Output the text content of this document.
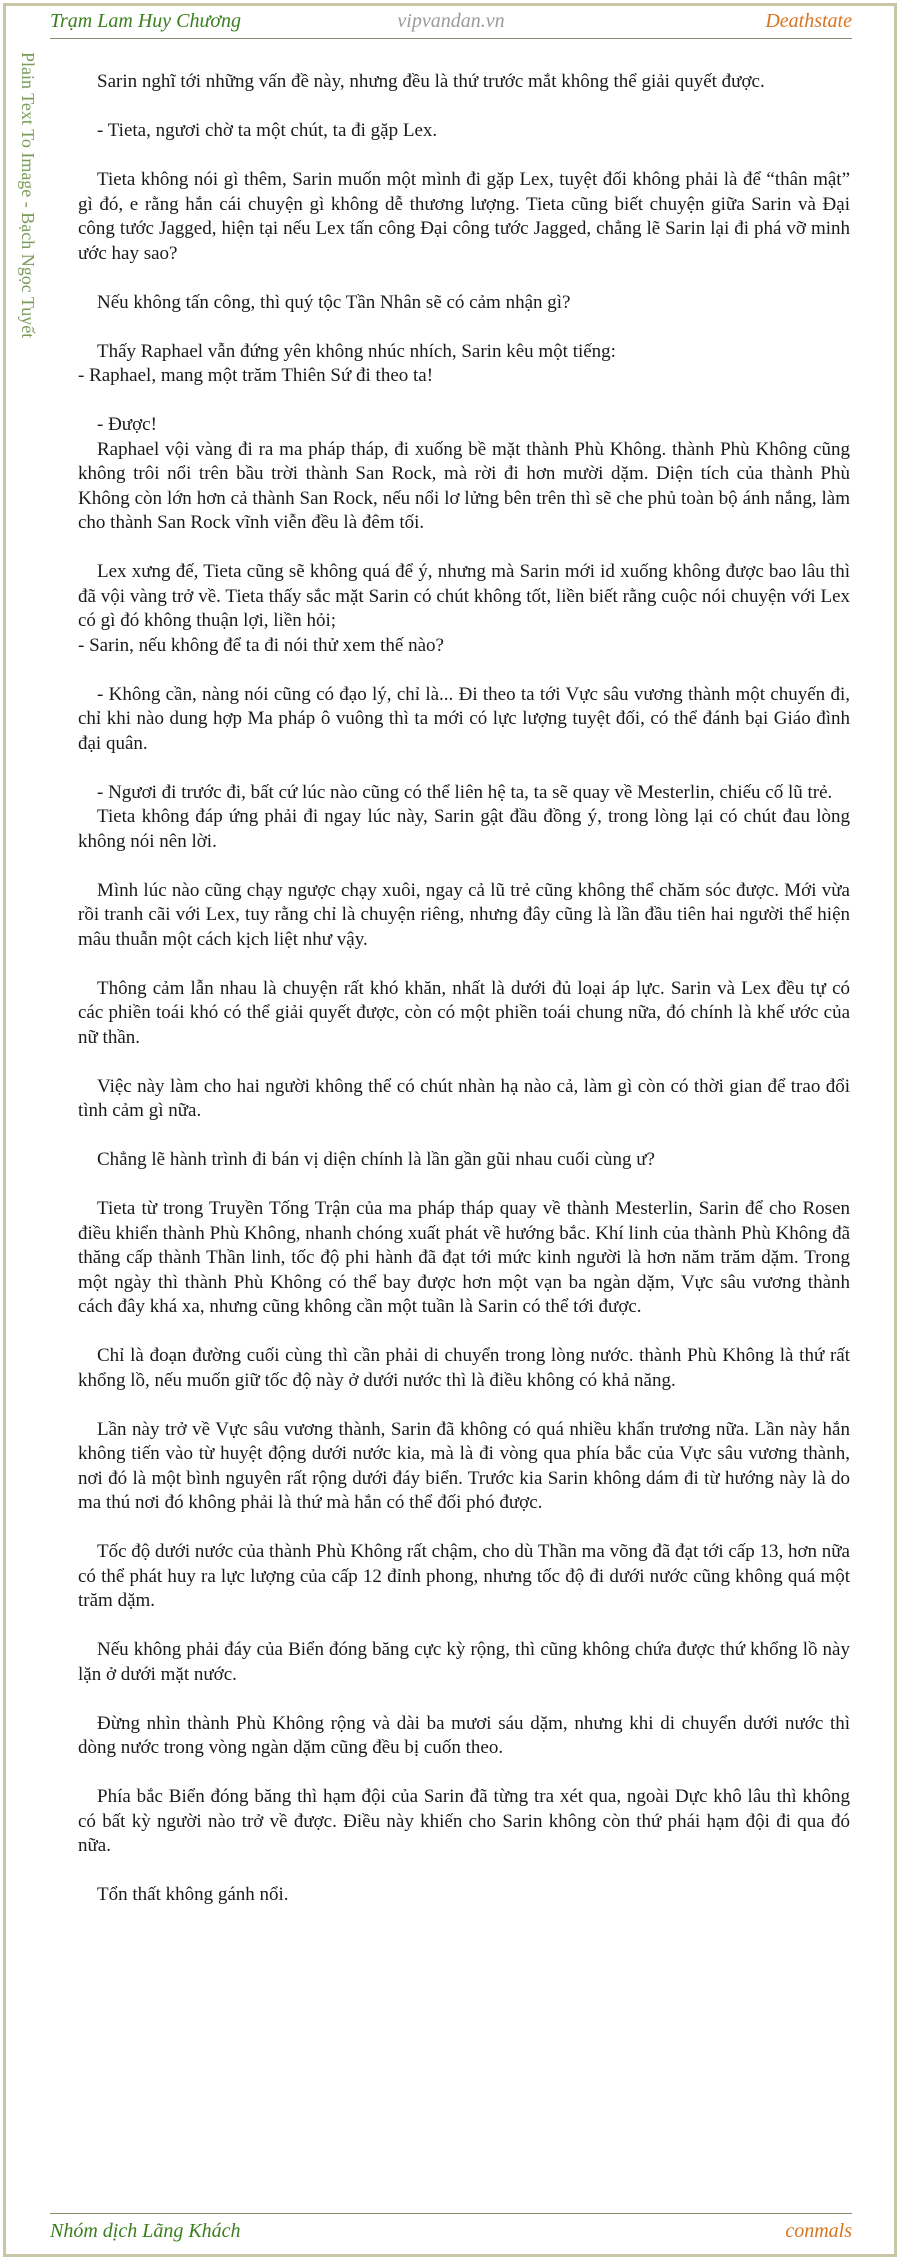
Trạm Lam Huy Chương	vipvandan.vn	Deathstate
Plain Text To Image - Bạch Ngọc Tuyết	Sarin nghĩ tới những vấn đề này, nhưng đều là thứ trước mắt không thể giải quyết được.

- Tieta, ngươi chờ ta một chút, ta đi gặp Lex.

Tieta không nói gì thêm, Sarin muốn một mình đi gặp Lex, tuyệt đối không phải là để “thân mật” gì đó, e rằng hắn cái chuyện gì không dễ thương lượng. Tieta cũng biết chuyện giữa Sarin và Đại công tước Jagged, hiện tại nếu Lex tấn công Đại công tước Jagged, chẳng lẽ Sarin lại đi phá vỡ minh ước hay sao?

Nếu không tấn công, thì quý tộc Tần Nhân sẽ có cảm nhận gì?

Thấy Raphael vẫn đứng yên không nhúc nhích, Sarin kêu một tiếng:
- Raphael, mang một trăm Thiên Sứ đi theo ta!

- Được!
Raphael vội vàng đi ra ma pháp tháp, đi xuống bề mặt thành Phù Không. thành Phù Không cũng không trôi nổi trên bầu trời thành San Rock, mà rời đi hơn mười dặm. Diện tích của thành Phù Không còn lớn hơn cả thành San Rock, nếu nổi lơ lửng bên trên thì sẽ che phủ toàn bộ ánh nắng, làm cho thành San Rock vĩnh viễn đều là đêm tối.

Lex xưng đế, Tieta cũng sẽ không quá để ý, nhưng mà Sarin mới id xuống không được bao lâu thì đã vội vàng trở về. Tieta thấy sắc mặt Sarin có chút không tốt, liền biết rằng cuộc nói chuyện với Lex có gì đó không thuận lợi, liền hỏi;
- Sarin, nếu không để ta đi nói thử xem thế nào?

- Không cần, nàng nói cũng có đạo lý, chỉ là... Đi theo ta tới Vực sâu vương thành một chuyến đi, chỉ khi nào dung hợp Ma pháp ô vuông thì ta mới có lực lượng tuyệt đối, có thể đánh bại Giáo đình đại quân.

- Ngươi đi trước đi, bất cứ lúc nào cũng có thể liên hệ ta, ta sẽ quay về Mesterlin, chiếu cố lũ trẻ.
Tieta không đáp ứng phải đi ngay lúc này, Sarin gật đầu đồng ý, trong lòng lại có chút đau lòng không nói nên lời.

Mình lúc nào cũng chạy ngược chạy xuôi, ngay cả lũ trẻ cũng không thể chăm sóc được. Mới vừa rồi tranh cãi với Lex, tuy rằng chỉ là chuyện riêng, nhưng đây cũng là lần đầu tiên hai người thể hiện mâu thuẫn một cách kịch liệt như vậy.

Thông cảm lẫn nhau là chuyện rất khó khăn, nhất là dưới đủ loại áp lực. Sarin và Lex đều tự có các phiền toái khó có thể giải quyết được, còn có một phiền toái chung nữa, đó chính là khế ước của nữ thần.

Việc này làm cho hai người không thể có chút nhàn hạ nào cả, làm gì còn có thời gian để trao đổi tình cảm gì nữa.

Chẳng lẽ hành trình đi bán vị diện chính là lần gần gũi nhau cuối cùng ư?

Tieta từ trong Truyền Tống Trận của ma pháp tháp quay về thành Mesterlin, Sarin để cho Rosen điều khiển thành Phù Không, nhanh chóng xuất phát về hướng bắc. Khí linh của thành Phù Không đã thăng cấp thành Thần linh, tốc độ phi hành đã đạt tới mức kinh người là hơn năm trăm dặm. Trong một ngày thì thành Phù Không có thể bay được hơn một vạn ba ngàn dặm, Vực sâu vương thành cách đây khá xa, nhưng cũng không cần một tuần là Sarin có thể tới được.

Chỉ là đoạn đường cuối cùng thì cần phải di chuyển trong lòng nước. thành Phù Không là thứ rất khổng lồ, nếu muốn giữ tốc độ này ở dưới nước thì là điều không có khả năng.

Lần này trở về Vực sâu vương thành, Sarin đã không có quá nhiều khẩn trương nữa. Lần này hắn không tiến vào từ huyệt động dưới nước kia, mà là đi vòng qua phía bắc của Vực sâu vương thành, nơi đó là một bình nguyên rất rộng dưới đáy biển. Trước kia Sarin không dám đi từ hướng này là do ma thú nơi đó không phải là thứ mà hắn có thể đối phó được.

Tốc độ dưới nước của thành Phù Không rất chậm, cho dù Thần ma võng đã đạt tới cấp 13, hơn nữa có thể phát huy ra lực lượng của cấp 12 đỉnh phong, nhưng tốc độ đi dưới nước cũng không quá một trăm dặm.

Nếu không phải đáy của Biển đóng băng cực kỳ rộng, thì cũng không chứa được thứ khổng lồ này lặn ở dưới mặt nước.

Đừng nhìn thành Phù Không rộng và dài ba mươi sáu dặm, nhưng khi di chuyển dưới nước thì dòng nước trong vòng ngàn dặm cũng đều bị cuốn theo.

Phía bắc Biển đóng băng thì hạm đội của Sarin đã từng tra xét qua, ngoài Dực khô lâu thì không có bất kỳ người nào trở về được. Điều này khiến cho Sarin không còn thứ phái hạm đội đi qua đó nữa.

Tổn thất không gánh nổi.

Nhóm dịch Lãng Khách	conmals
